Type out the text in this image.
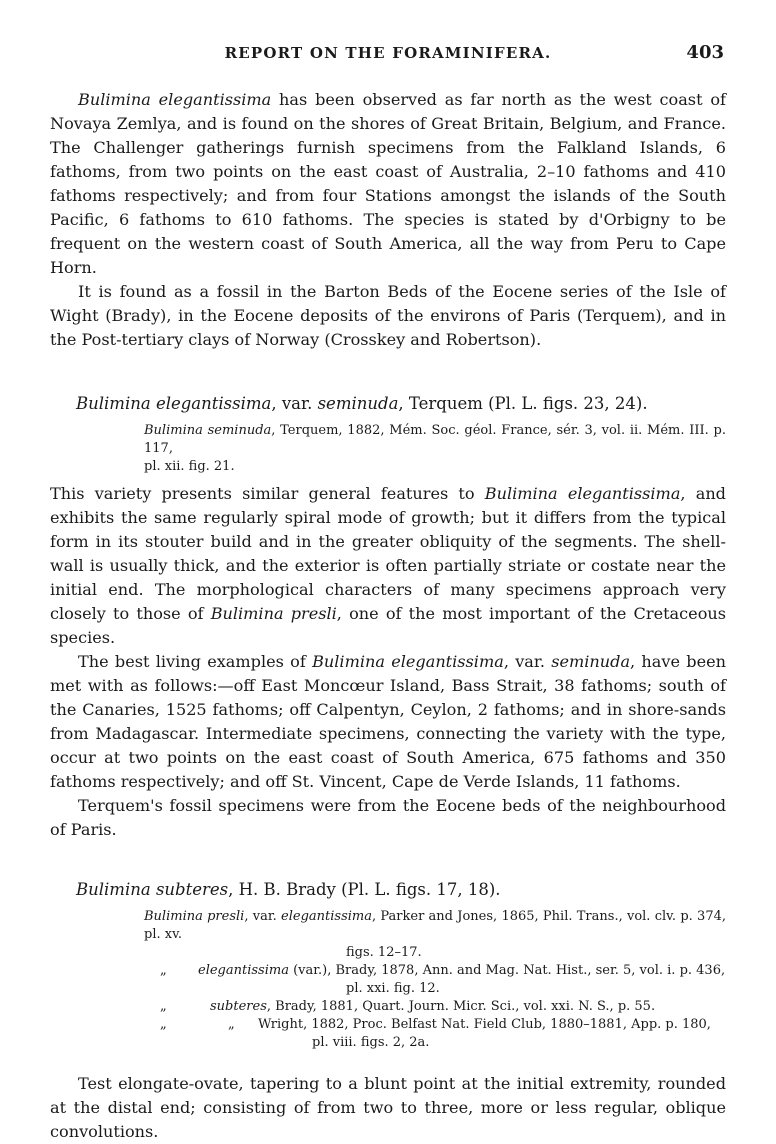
REPORT ON THE FORAMINIFERA.	403

Bulimina elegantissima has been observed as far north as the west coast of Novaya Zemlya, and is found on the shores of Great Britain, Belgium, and France. The Challenger gatherings furnish specimens from the Falkland Islands, 6 fathoms, from two points on the east coast of Australia, 2–10 fathoms and 410 fathoms respectively; and from four Stations amongst the islands of the South Pacific, 6 fathoms to 610 fathoms. The species is stated by d'Orbigny to be frequent on the western coast of South America, all the way from Peru to Cape Horn.

It is found as a fossil in the Barton Beds of the Eocene series of the Isle of Wight (Brady), in the Eocene deposits of the environs of Paris (Terquem), and in the Post-tertiary clays of Norway (Crosskey and Robertson).

Bulimina elegantissima, var. seminuda, Terquem (Pl. L. figs. 23, 24).

Bulimina seminuda, Terquem, 1882, Mém. Soc. géol. France, sér. 3, vol. ii. Mém. III. p. 117,
pl. xii. fig. 21.

This variety presents similar general features to Bulimina elegantissima, and exhibits the same regularly spiral mode of growth; but it differs from the typical form in its stouter build and in the greater obliquity of the segments. The shell-wall is usually thick, and the exterior is often partially striate or costate near the initial end. The morphological characters of many specimens approach very closely to those of Bulimina presli, one of the most important of the Cretaceous species.

The best living examples of Bulimina elegantissima, var. seminuda, have been met with as follows:—off East Moncœur Island, Bass Strait, 38 fathoms; south of the Canaries, 1525 fathoms; off Calpentyn, Ceylon, 2 fathoms; and in shore-sands from Madagascar. Intermediate specimens, connecting the variety with the type, occur at two points on the east coast of South America, 675 fathoms and 350 fathoms respectively; and off St. Vincent, Cape de Verde Islands, 11 fathoms.

Terquem's fossil specimens were from the Eocene beds of the neighbourhood of Paris.

Bulimina subteres, H. B. Brady (Pl. L. figs. 17, 18).

Bulimina presli, var. elegantissima, Parker and Jones, 1865, Phil. Trans., vol. clv. p. 374, pl. xv.
figs. 12–17.
„ elegantissima (var.), Brady, 1878, Ann. and Mag. Nat. Hist., ser. 5, vol. i. p. 436,
pl. xxi. fig. 12.
„	subteres, Brady, 1881, Quart. Journ. Micr. Sci., vol. xxi. N. S., p. 55.
„	„ Wright, 1882, Proc. Belfast Nat. Field Club, 1880–1881, App. p. 180,
pl. viii. figs. 2, 2a.

Test elongate-ovate, tapering to a blunt point at the initial extremity, rounded at the distal end; consisting of from two to three, more or less regular, oblique convolutions.
